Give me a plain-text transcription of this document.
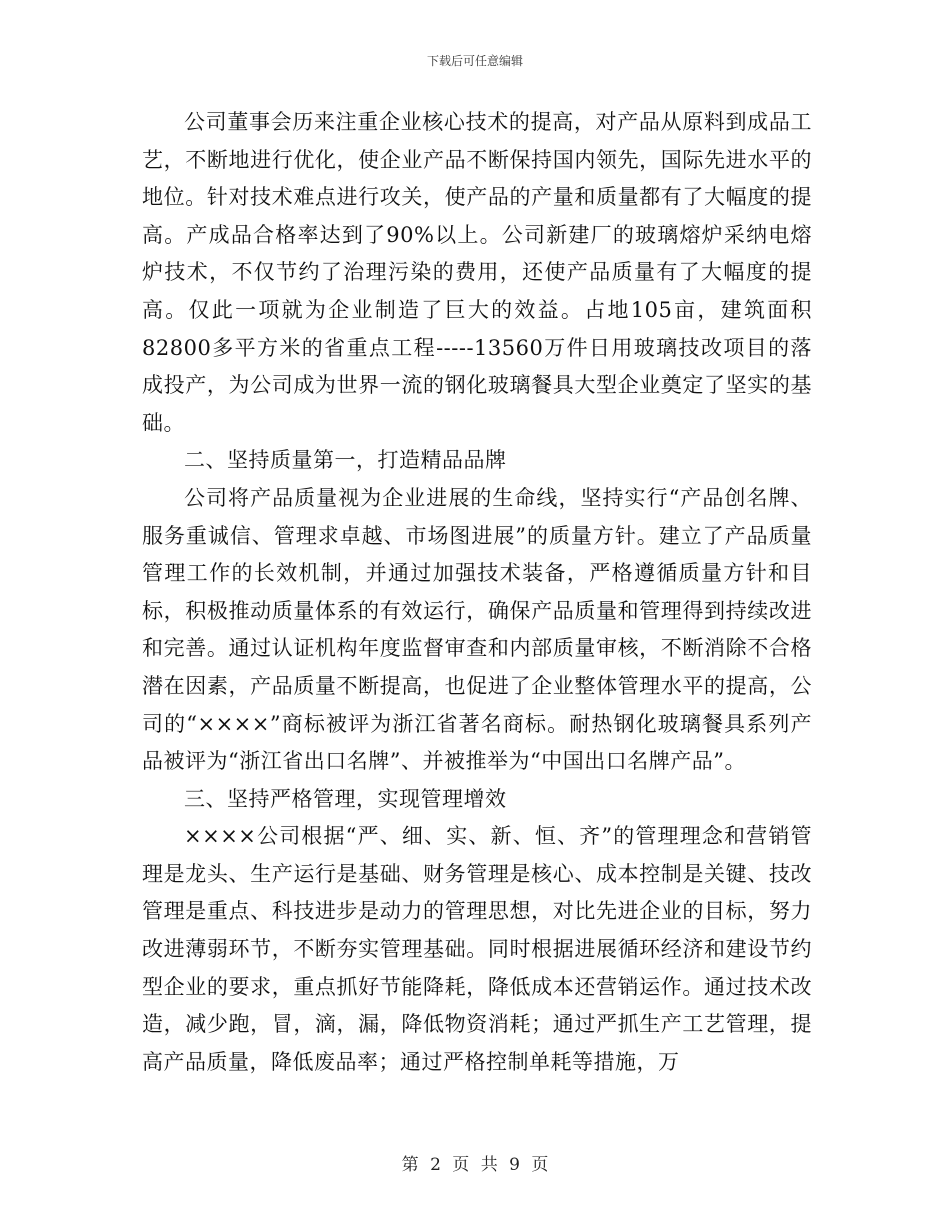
下载后可任意编辑

公司董事会历来注重企业核心技术的提高，对产品从原料到成品工艺，不断地进行优化，使企业产品不断保持国内领先，国际先进水平的地位。针对技术难点进行攻关，使产品的产量和质量都有了大幅度的提高。产成品合格率达到了90%以上。公司新建厂的玻璃熔炉采纳电熔炉技术，不仅节约了治理污染的费用，还使产品质量有了大幅度的提高。仅此一项就为企业制造了巨大的效益。占地105亩，建筑面积82800多平方米的省重点工程-----13560万件日用玻璃技改项目的落成投产，为公司成为世界一流的钢化玻璃餐具大型企业奠定了坚实的基础。

二、坚持质量第一，打造精品品牌

公司将产品质量视为企业进展的生命线，坚持实行“产品创名牌、服务重诚信、管理求卓越、市场图进展”的质量方针。建立了产品质量管理工作的长效机制，并通过加强技术装备，严格遵循质量方针和目标，积极推动质量体系的有效运行，确保产品质量和管理得到持续改进和完善。通过认证机构年度监督审查和内部质量审核，不断消除不合格潜在因素，产品质量不断提高，也促进了企业整体管理水平的提高，公司的“××××”商标被评为浙江省著名商标。耐热钢化玻璃餐具系列产品被评为“浙江省出口名牌”、并被推举为“中国出口名牌产品”。

三、坚持严格管理，实现管理增效

××××公司根据“严、细、实、新、恒、齐”的管理理念和营销管理是龙头、生产运行是基础、财务管理是核心、成本控制是关键、技改管理是重点、科技进步是动力的管理思想，对比先进企业的目标，努力改进薄弱环节，不断夯实管理基础。同时根据进展循环经济和建设节约型企业的要求，重点抓好节能降耗，降低成本还营销运作。通过技术改造，减少跑，冒，滴，漏，降低物资消耗；通过严抓生产工艺管理，提高产品质量，降低废品率；通过严格控制单耗等措施，万

第 2 页 共 9 页
